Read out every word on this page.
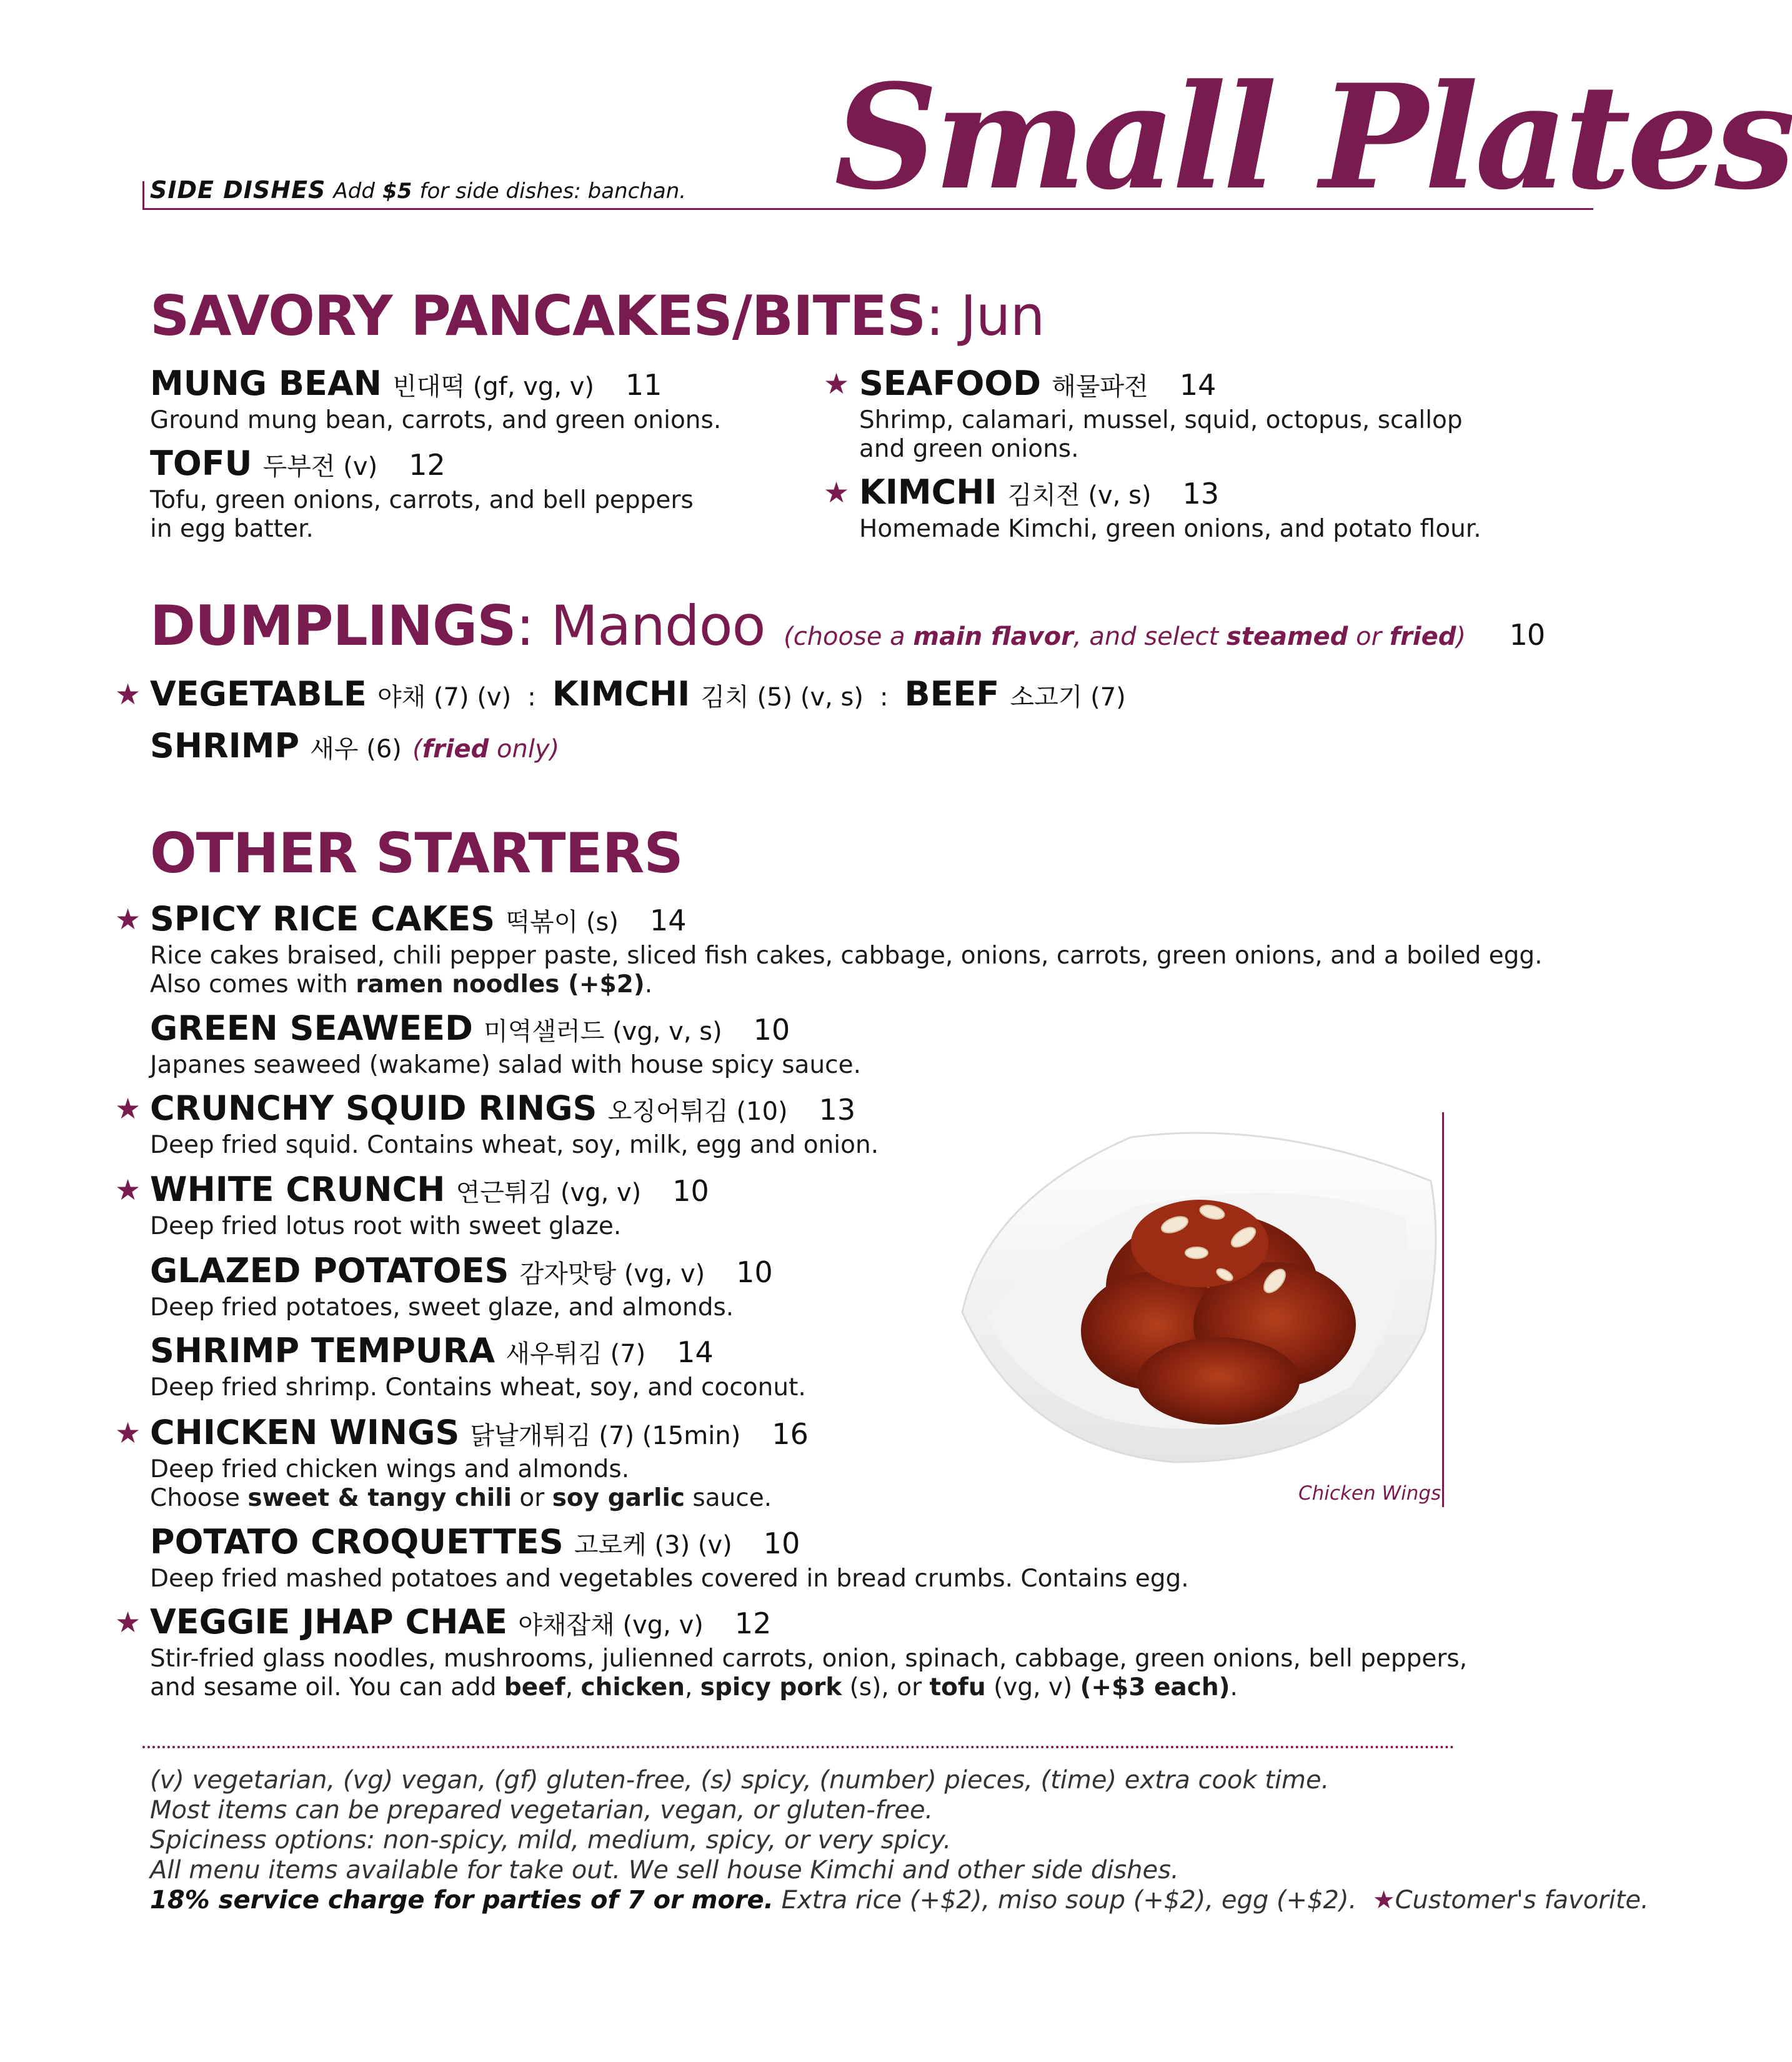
SIDE DISHES Add $5 for side dishes: banchan. Small Plates
SAVORY PANCAKES/BITES: Jun
MUNG BEAN 빈대떡 (gf, vg, v) 11
Ground mung bean, carrots, and green onions.
TOFU 두부전 (v) 12
Tofu, green onions, carrots, and bell peppers
in egg batter.
★ SEAFOOD 해물파전 14
Shrimp, calamari, mussel, squid, octopus, scallop
and green onions.
★ KIMCHI 김치전 (v, s) 13
Homemade Kimchi, green onions, and potato flour.
DUMPLINGS: Mandoo (choose a main flavor, and select steamed or fried) 10
★ VEGETABLE 야채 (7) (v) : KIMCHI 김치 (5) (v, s) : BEEF 소고기 (7)
SHRIMP 새우 (6) (fried only)
OTHER STARTERS
★ SPICY RICE CAKES 떡볶이 (s) 14
Rice cakes braised, chili pepper paste, sliced fish cakes, cabbage, onions, carrots, green onions, and a boiled egg.
Also comes with ramen noodles (+$2).
GREEN SEAWEED 미역샐러드 (vg, v, s) 10
Japanes seaweed (wakame) salad with house spicy sauce.
★ CRUNCHY SQUID RINGS 오징어튀김 (10) 13
Deep fried squid. Contains wheat, soy, milk, egg and onion.
★ WHITE CRUNCH 연근튀김 (vg, v) 10
Deep fried lotus root with sweet glaze.
GLAZED POTATOES 감자맛탕 (vg, v) 10
Deep fried potatoes, sweet glaze, and almonds.
SHRIMP TEMPURA 새우튀김 (7) 14
Deep fried shrimp. Contains wheat, soy, and coconut.
★ CHICKEN WINGS 닭날개튀김 (7) (15min) 16
Deep fried chicken wings and almonds.
Choose sweet & tangy chili or soy garlic sauce.
POTATO CROQUETTES 고로케 (3) (v) 10
Deep fried mashed potatoes and vegetables covered in bread crumbs. Contains egg.
★ VEGGIE JHAP CHAE 야채잡채 (vg, v) 12
Stir-fried glass noodles, mushrooms, julienned carrots, onion, spinach, cabbage, green onions, bell peppers,
and sesame oil. You can add beef, chicken, spicy pork (s), or tofu (vg, v) (+$3 each).
Chicken Wings
(v) vegetarian, (vg) vegan, (gf) gluten-free, (s) spicy, (number) pieces, (time) extra cook time.
Most items can be prepared vegetarian, vegan, or gluten-free.
Spiciness options: non-spicy, mild, medium, spicy, or very spicy.
All menu items available for take out. We sell house Kimchi and other side dishes.
18% service charge for parties of 7 or more. Extra rice (+$2), miso soup (+$2), egg (+$2). ★Customer's favorite.
